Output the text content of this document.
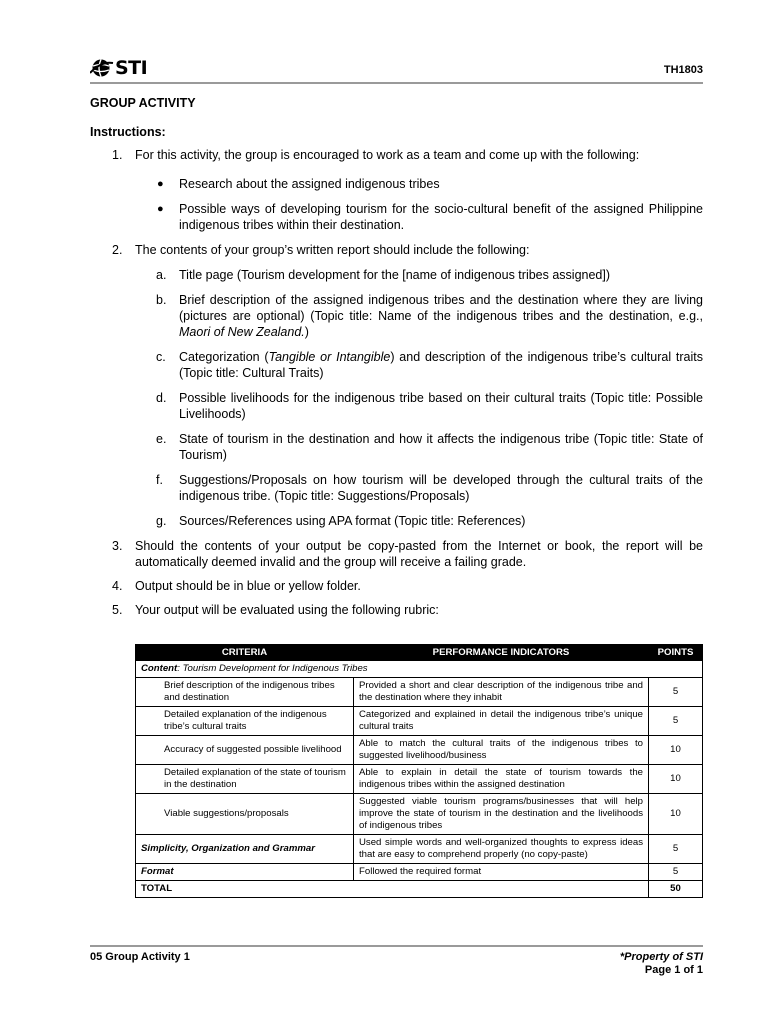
STI	TH1803
GROUP ACTIVITY
Instructions:
1. For this activity, the group is encouraged to work as a team and come up with the following:
● Research about the assigned indigenous tribes
● Possible ways of developing tourism for the socio-cultural benefit of the assigned Philippine indigenous tribes within their destination.
2. The contents of your group’s written report should include the following:
a. Title page (Tourism development for the [name of indigenous tribes assigned])
b. Brief description of the assigned indigenous tribes and the destination where they are living (pictures are optional) (Topic title: Name of the indigenous tribes and the destination, e.g., Maori of New Zealand.)
c. Categorization (Tangible or Intangible) and description of the indigenous tribe’s cultural traits (Topic title: Cultural Traits)
d. Possible livelihoods for the indigenous tribe based on their cultural traits (Topic title: Possible Livelihoods)
e. State of tourism in the destination and how it affects the indigenous tribe (Topic title: State of Tourism)
f. Suggestions/Proposals on how tourism will be developed through the cultural traits of the indigenous tribe. (Topic title: Suggestions/Proposals)
g. Sources/References using APA format (Topic title: References)
3. Should the contents of your output be copy-pasted from the Internet or book, the report will be automatically deemed invalid and the group will receive a failing grade.
4. Output should be in blue or yellow folder.
5. Your output will be evaluated using the following rubric:
CRITERIA	PERFORMANCE INDICATORS	POINTS
Content: Tourism Development for Indigenous Tribes		
Brief description of the indigenous tribes and destination	Provided a short and clear description of the indigenous tribe and the destination where they inhabit	5
Detailed explanation of the indigenous tribe’s cultural traits	Categorized and explained in detail the indigenous tribe’s unique cultural traits	5
Accuracy of suggested possible livelihood	Able to match the cultural traits of the indigenous tribes to suggested livelihood/business	10
Detailed explanation of the state of tourism in the destination	Able to explain in detail the state of tourism towards the indigenous tribes within the assigned destination	10
Viable suggestions/proposals	Suggested viable tourism programs/businesses that will help improve the state of tourism in the destination and the livelihoods of indigenous tribes	10
Simplicity, Organization and Grammar	Used simple words and well-organized thoughts to express ideas that are easy to comprehend properly (no copy-paste)	5
Format	Followed the required format	5
TOTAL		50
05 Group Activity 1	*Property of STI
Page 1 of 1
